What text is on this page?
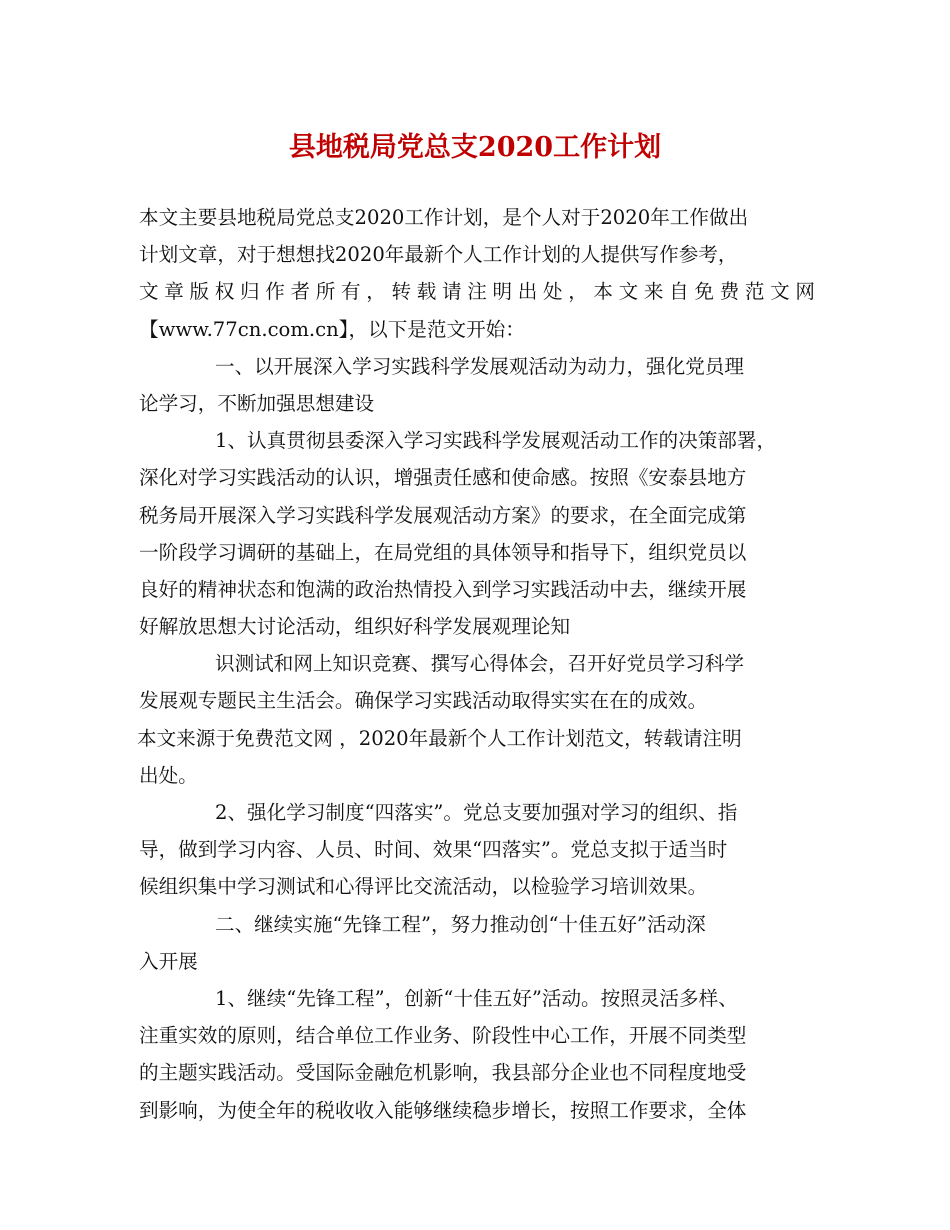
县地税局党总支2020工作计划
本文主要县地税局党总支2020工作计划，是个人对于2020年工作做出
计划文章，对于想想找2020年最新个人工作计划的人提供写作参考，
文章版权归作者所有，转载请注明出处，本文来自免费范文网
【www.77cn.com.cn】，以下是范文开始：
一、以开展深入学习实践科学发展观活动为动力，强化党员理
论学习，不断加强思想建设
1、认真贯彻县委深入学习实践科学发展观活动工作的决策部署，
深化对学习实践活动的认识，增强责任感和使命感。按照《安泰县地方
税务局开展深入学习实践科学发展观活动方案》的要求，在全面完成第
一阶段学习调研的基础上，在局党组的具体领导和指导下，组织党员以
良好的精神状态和饱满的政治热情投入到学习实践活动中去，继续开展
好解放思想大讨论活动，组织好科学发展观理论知
识测试和网上知识竞赛、撰写心得体会，召开好党员学习科学
发展观专题民主生活会。确保学习实践活动取得实实在在的成效。
本文来源于免费范文网 ，2020年最新个人工作计划范文，转载请注明
出处。
2、强化学习制度“四落实”。党总支要加强对学习的组织、指
导，做到学习内容、人员、时间、效果“四落实”。党总支拟于适当时
候组织集中学习测试和心得评比交流活动，以检验学习培训效果。
二、继续实施“先锋工程”，努力推动创“十佳五好”活动深
入开展
1、继续“先锋工程”，创新“十佳五好”活动。按照灵活多样、
注重实效的原则，结合单位工作业务、阶段性中心工作，开展不同类型
的主题实践活动。受国际金融危机影响，我县部分企业也不同程度地受
到影响，为使全年的税收收入能够继续稳步增长，按照工作要求，全体
